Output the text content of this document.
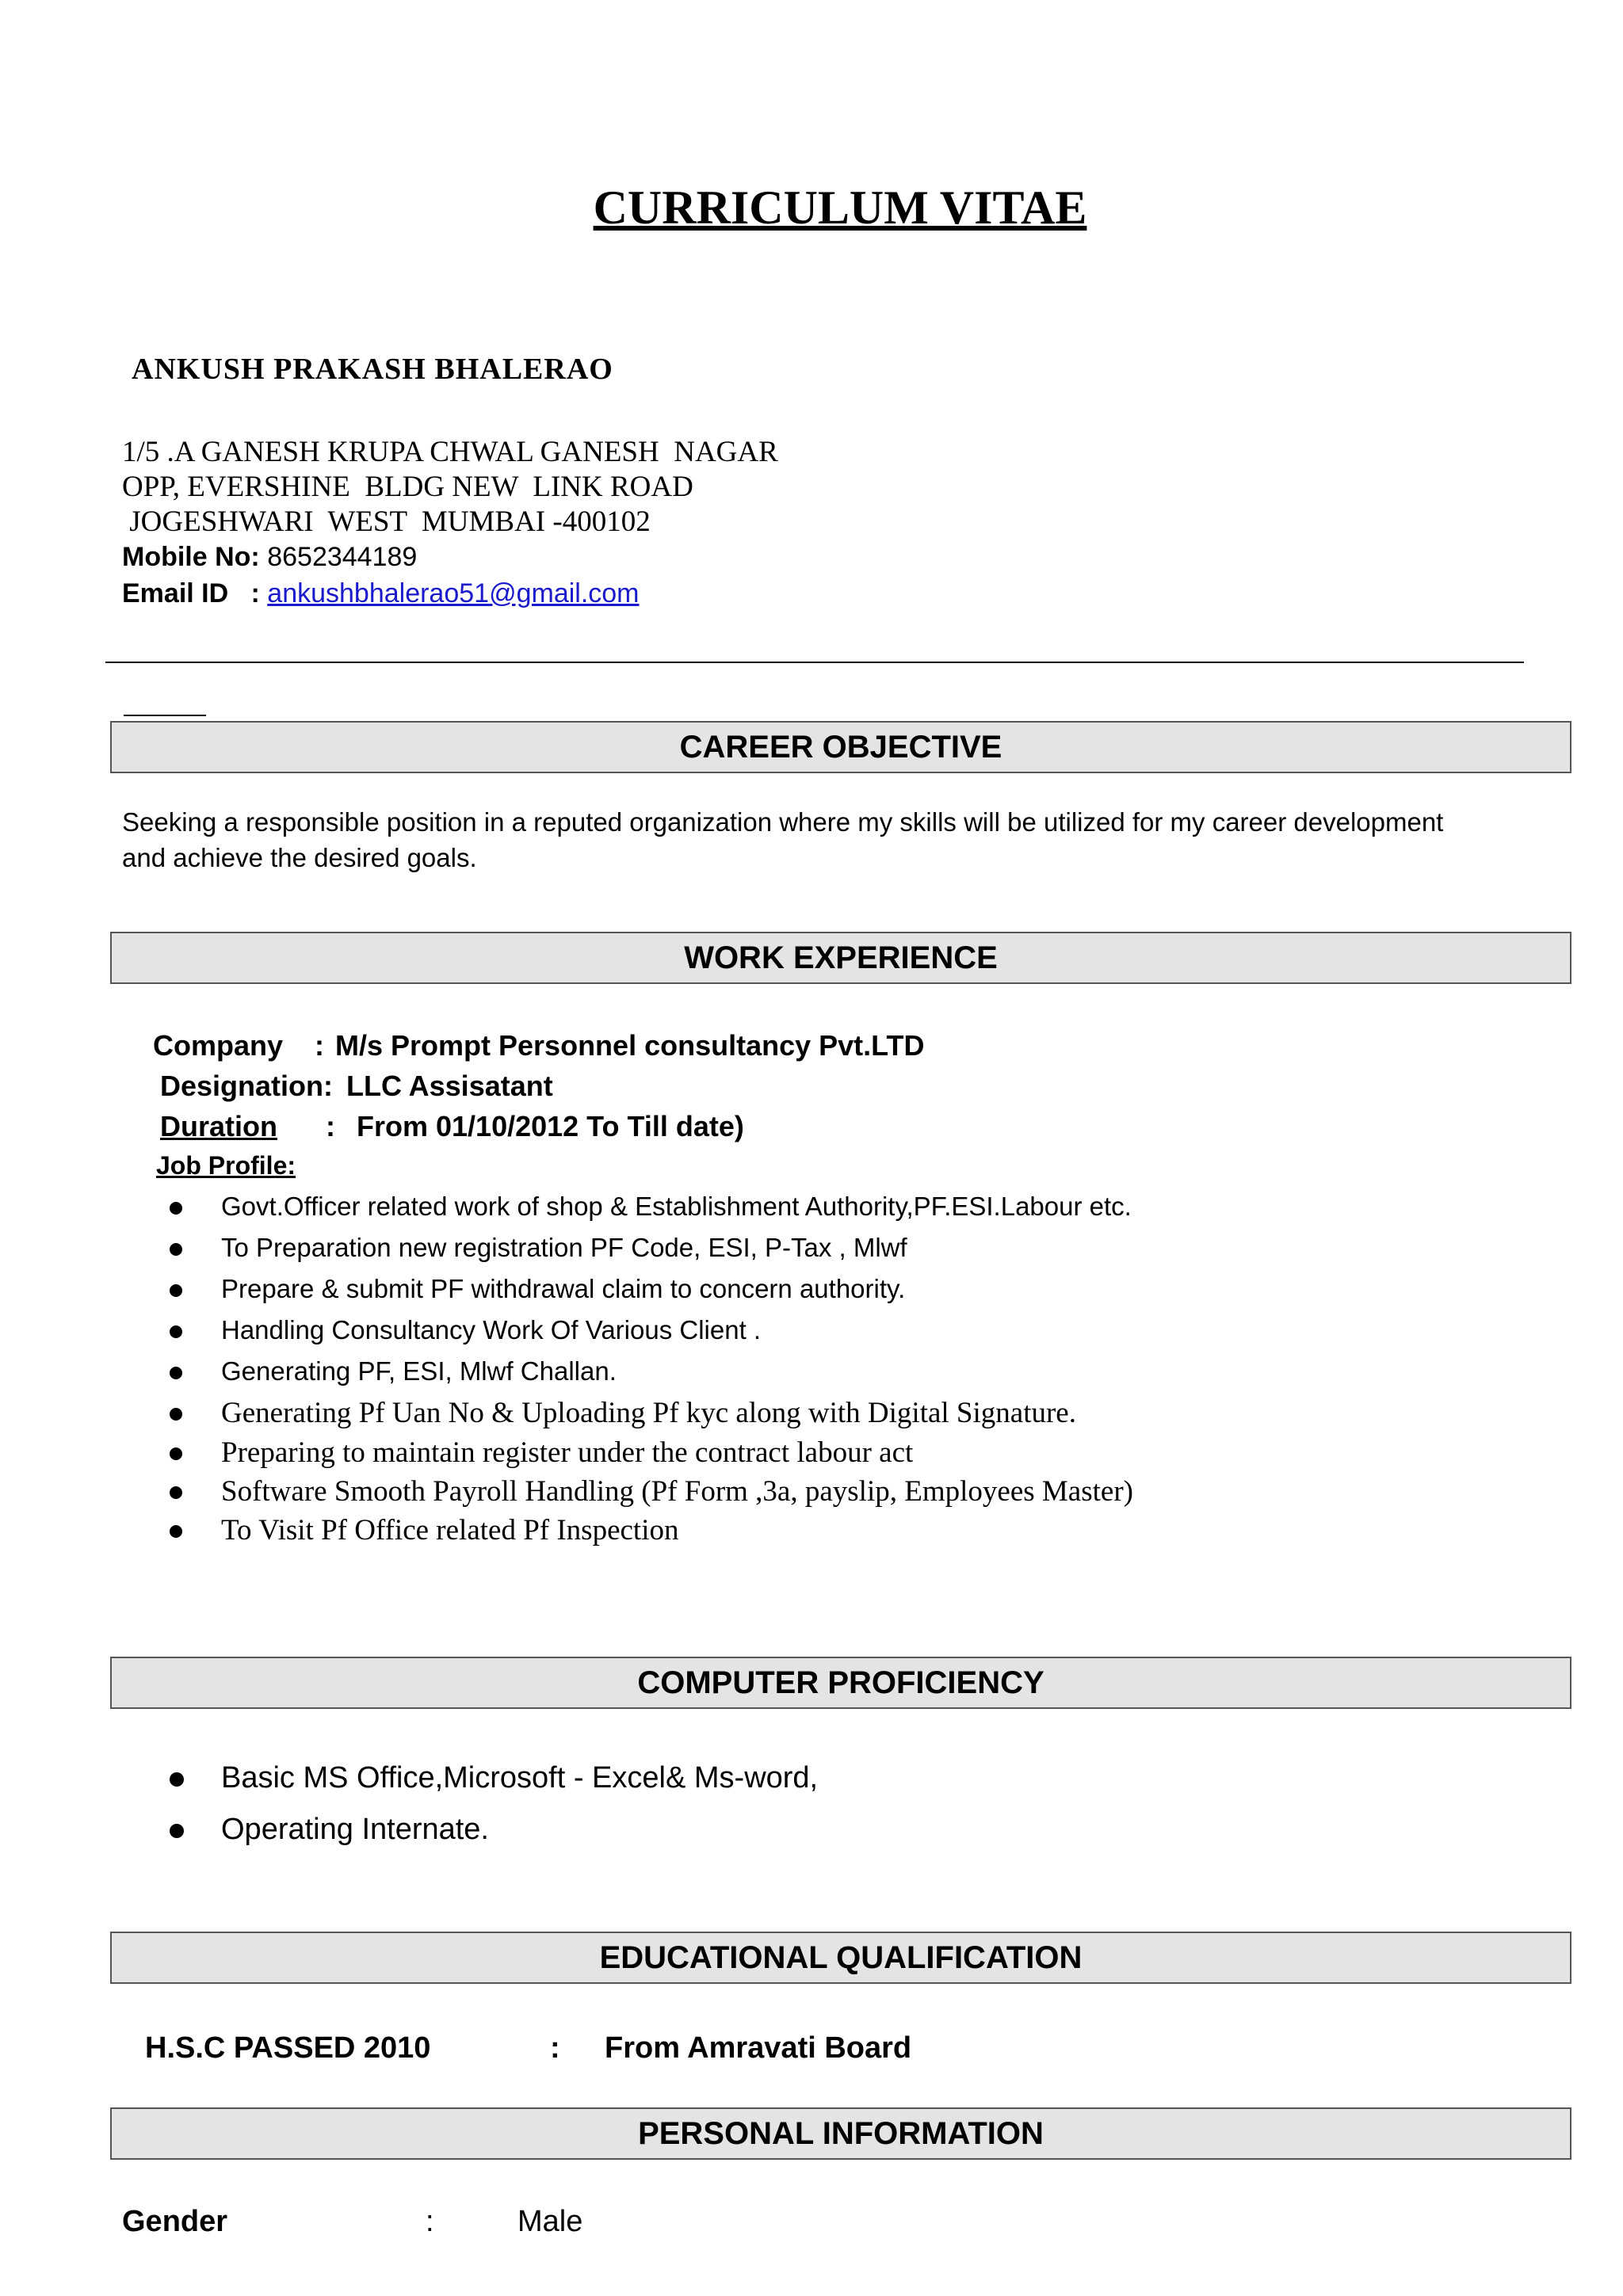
CURRICULUM VITAE
ANKUSH PRAKASH BHALERAO
1/5 .A GANESH KRUPA CHWAL GANESH  NAGAR
OPP, EVERSHINE  BLDG NEW  LINK ROAD
JOGESHWARI  WEST  MUMBAI -400102
Mobile No: 8652344189
Email ID   : ankushbhalerao51@gmail.com
CAREER OBJECTIVE
Seeking a responsible position in a reputed organization where my skills will be utilized for my career development
and achieve the desired goals.
WORK EXPERIENCE
Company    : M/s Prompt Personnel consultancy Pvt.LTD
Designation: LLC Assisatant
Duration : From 01/10/2012 To Till date)
Job Profile:
Govt.Officer related work of shop & Establishment Authority,PF.ESI.Labour etc.
To Preparation new registration PF Code, ESI, P-Tax , Mlwf
Prepare & submit PF withdrawal claim to concern authority.
Handling Consultancy Work Of Various Client .
Generating PF, ESI, Mlwf Challan.
Generating Pf Uan No & Uploading Pf kyc along with Digital Signature.
Preparing to maintain register under the contract labour act
Software Smooth Payroll Handling (Pf Form ,3a, payslip, Employees Master)
To Visit Pf Office related Pf Inspection
COMPUTER PROFICIENCY
Basic MS Office,Microsoft - Excel& Ms-word,
Operating Internate.
EDUCATIONAL QUALIFICATION
H.S.C PASSED 2010	: From Amravati Board
PERSONAL INFORMATION
Gender	:	Male
